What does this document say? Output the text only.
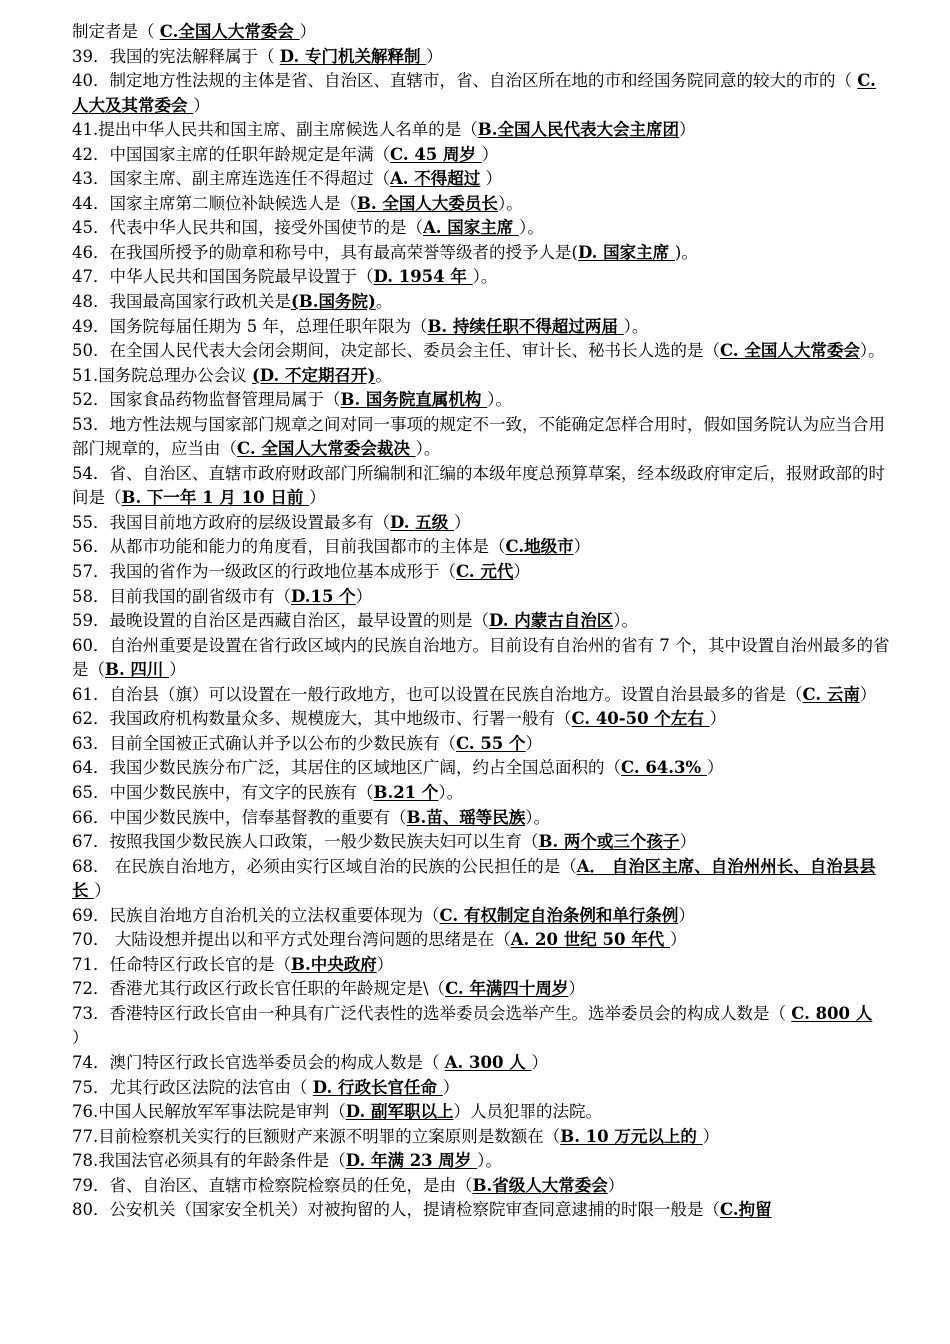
制定者是（ C.全国人大常委会 ）

39．我国的宪法解释属于（ D. 专门机关解释制 ）

40．制定地方性法规的主体是省、自治区、直辖市，省、自治区所在地的市和经国务院同意的较大的市的（ C.人大及其常委会 ）

41.提出中华人民共和国主席、副主席候选人名单的是（B.全国人民代表大会主席团）

42．中国国家主席的任职年龄规定是年满（C. 45 周岁 ）

43．国家主席、副主席连选连任不得超过（A. 不得超过 ）

44．国家主席第二顺位补缺候选人是（B. 全国人大委员长）。

45．代表中华人民共和国，接受外国使节的是（A. 国家主席 ）。

46．在我国所授予的勋章和称号中，具有最高荣誉等级者的授予人是(D. 国家主席 )。

47．中华人民共和国国务院最早设置于（D. 1954 年 ）。

48．我国最高国家行政机关是(B.国务院)。

49．国务院每届任期为 5 年，总理任职年限为（B. 持续任职不得超过两届 ）。

50．在全国人民代表大会闭会期间，决定部长、委员会主任、审计长、秘书长人选的是（C. 全国人大常委会）。

51.国务院总理办公会议 (D. 不定期召开)。

52．国家食品药物监督管理局属于（B. 国务院直属机构 ）。

53．地方性法规与国家部门规章之间对同一事项的规定不一致，不能确定怎样合用时，假如国务院认为应当合用部门规章的，应当由（C. 全国人大常委会裁决 ）。

54．省、自治区、直辖市政府财政部门所编制和汇编的本级年度总预算草案，经本级政府审定后，报财政部的时间是（B. 下一年 1 月 10 日前 ）

55．我国目前地方政府的层级设置最多有（D. 五级 ）

56．从都市功能和能力的角度看，目前我国都市的主体是（C.地级市）

57．我国的省作为一级政区的行政地位基本成形于（C. 元代）

58．目前我国的副省级市有（D.15 个）

59．最晚设置的自治区是西藏自治区，最早设置的则是（D. 内蒙古自治区）。

60．自治州重要是设置在省行政区域内的民族自治地方。目前设有自治州的省有 7 个，其中设置自治州最多的省是（B. 四川 ）

61．自治县（旗）可以设置在一般行政地方，也可以设置在民族自治地方。设置自治县最多的省是（C. 云南）

62．我国政府机构数量众多、规模庞大，其中地级市、行署一般有（C. 40-50 个左右 ）

63．目前全国被正式确认并予以公布的少数民族有（C. 55 个）

64．我国少数民族分布广泛，其居住的区域地区广阔，约占全国总面积的（C. 64.3% ）

65．中国少数民族中，有文字的民族有（B.21 个）。

66．中国少数民族中，信奉基督教的重要有（B.苗、瑶等民族）。

67．按照我国少数民族人口政策，一般少数民族夫妇可以生育（B. 两个或三个孩子）

68． 在民族自治地方，必须由实行区域自治的民族的公民担任的是（A． 自治区主席、自治州州长、自治县县长 ）

69．民族自治地方自治机关的立法权重要体现为（C. 有权制定自治条例和单行条例）

70． 大陆设想并提出以和平方式处理台湾问题的思绪是在（A. 20 世纪 50 年代 ）

71．任命特区行政长官的是（B.中央政府）

72．香港尤其行政区行政长官任职的年龄规定是\（C. 年满四十周岁）

73．香港特区行政长官由一种具有广泛代表性的选举委员会选举产生。选举委员会的构成人数是（ C. 800 人 ）

74．澳门特区行政长官选举委员会的构成人数是（ A. 300 人 ）

75．尤其行政区法院的法官由（ D. 行政长官任命 ）

76.中国人民解放军军事法院是审判（D. 副军职以上）人员犯罪的法院。

77.目前检察机关实行的巨额财产来源不明罪的立案原则是数额在（B. 10 万元以上的 ）

78.我国法官必须具有的年龄条件是（D. 年满 23 周岁 ）。

79．省、自治区、直辖市检察院检察员的任免，是由（B.省级人大常委会）

80．公安机关（国家安全机关）对被拘留的人，提请检察院审查同意逮捕的时限一般是（C.拘留
